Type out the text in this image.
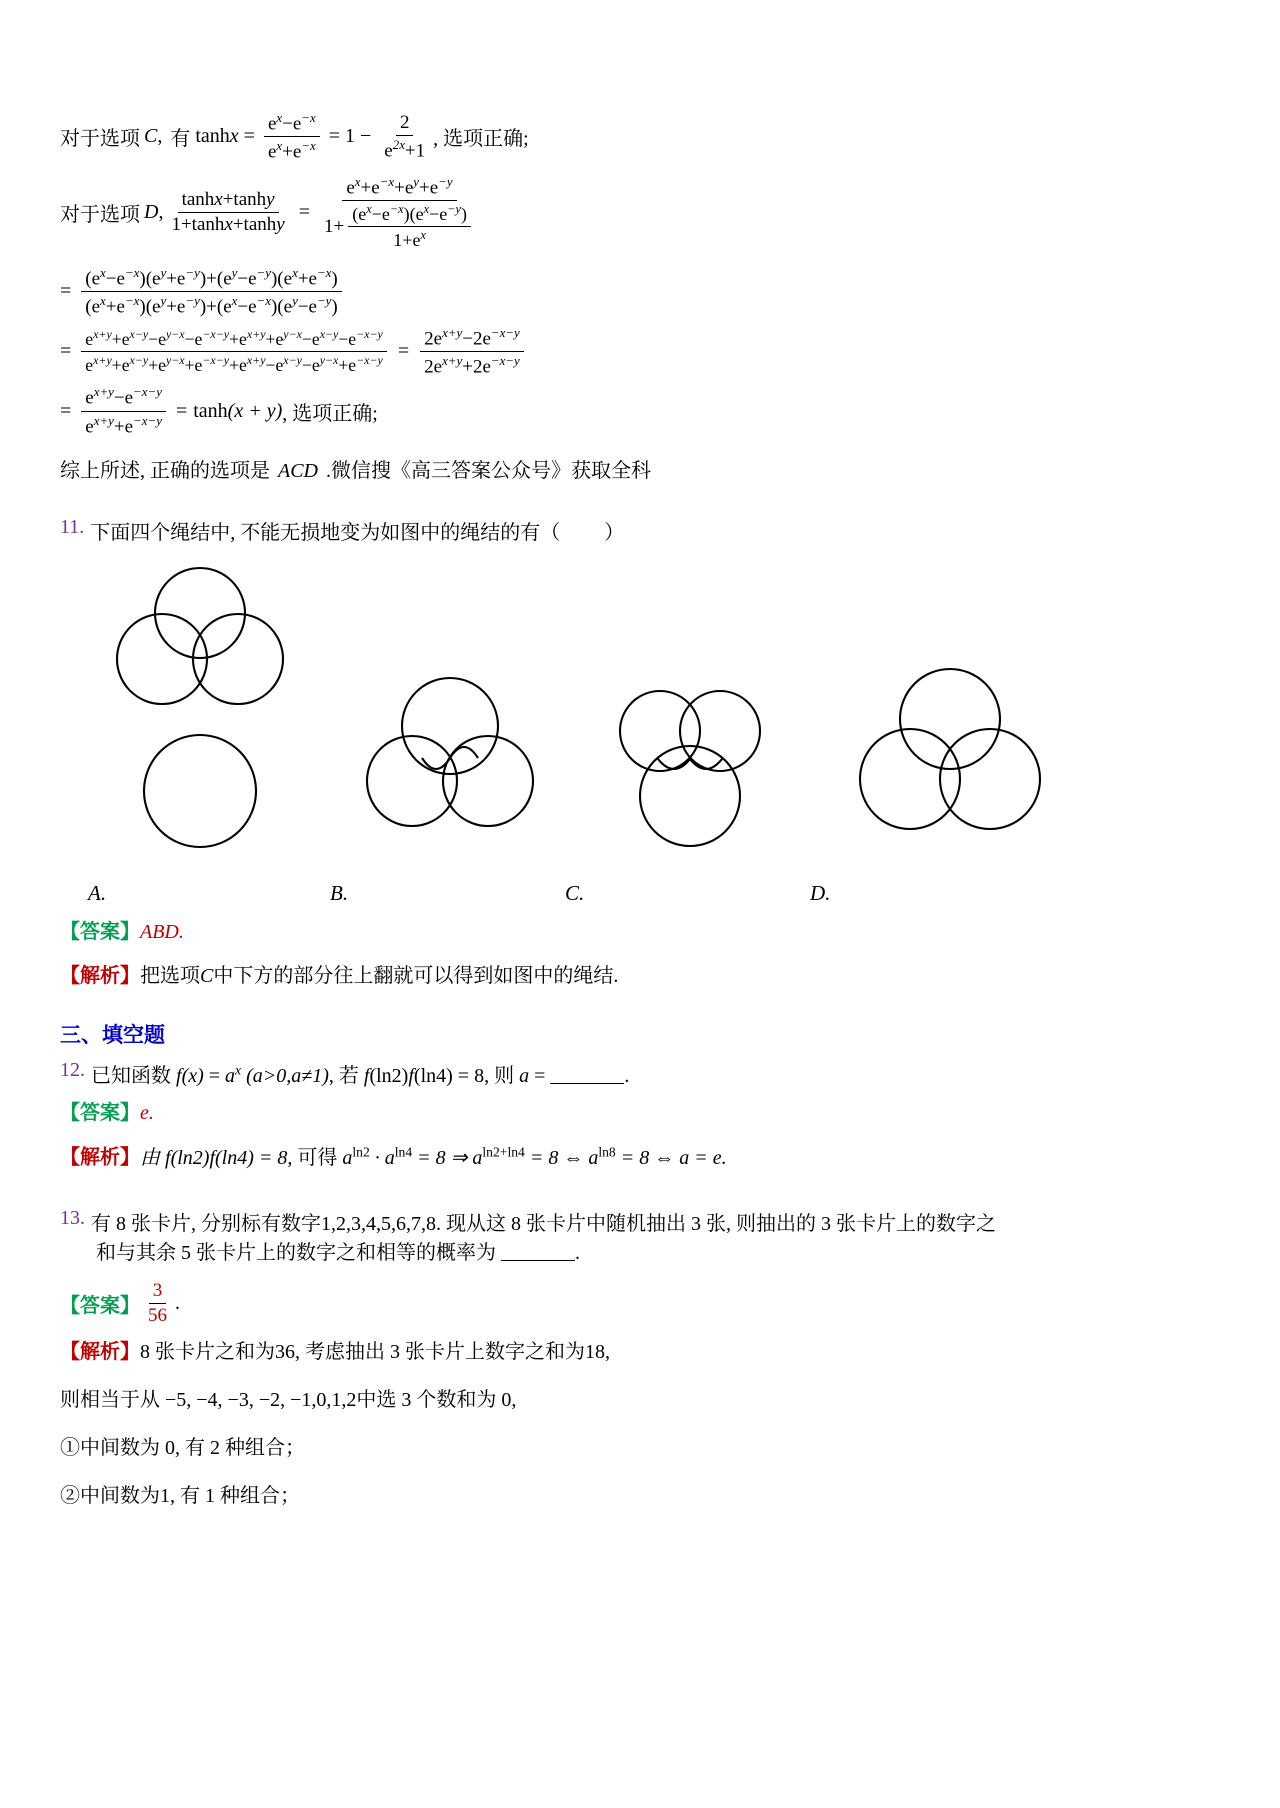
对于选项 C , 有 $\tanh x = \frac{e^x-e^{-x}}{e^x+e^{-x}} = 1 - \frac{2}{e^{2x}+1}$ , 选项正确;
对于选项 D , $\frac{\tanh x+\tanh y}{1+\tanh x+\tanh y} = \frac{e^x+e^{-x}+e^y+e^{-y}}{1+ \frac{(e^x-e^{-x})(e^x-e^{-y})}{1+e^x}}$
= $\frac{(e^x-e^{-x})(e^y+e^{-y})+(e^y-e^{-y})(e^x+e^{-x})}{(e^x+e^{-x})(e^y+e^{-y})+(e^x-e^{-x})(e^y-e^{-y})}$
= $\frac{e^{x+y}+e^{x-y}-e^{y-x}-e^{-x-y}+e^{x+y}+e^{y-x}-e^{x-y}-e^{-x-y}}{e^{x+y}+e^{x-y}+e^{y-x}+e^{-x-y}+e^{x+y}-e^{x-y}-e^{y-x}+e^{-x-y}} = \frac{2e^{x+y}-2e^{-x-y}}{2e^{x+y}+2e^{-x-y}}$
= $\frac{e^{x+y}-e^{-x-y}}{e^{x+y}+e^{-x-y}} = \tanh (x + y)$ , 选项正确;
综上所述, 正确的选项是 ACD .微信搜《高三答案公众号》获取全科
11. 下面四个绳结中, 不能无损地变为如图中的绳结的有（ ）
A.	B.	C.	D.
【答案】ABD.
【解析】把选项C中下方的部分往上翻就可以得到如图中的绳结.
三、填空题
12. 已知函数 $f(x) = a^x$ (a>0,a≠1), 若 f(ln2)f(ln4) = 8, 则 a =	.
【答案】e.
【解析】由 f(ln2)f(ln4) = 8, 可得 $a^{ln2} \cdot a^{ln4} = 8$ ⇒ $a^{ln2+ln4} = 8$ ⇔ $a^{ln8} = 8$ ⇔ a = e.
13. 有 8 张卡片, 分别标有数字1,2,3,4,5,6,7,8. 现从这 8 张卡片中随机抽出 3 张, 则抽出的 3 张卡片上的数字之
和与其余 5 张卡片上的数字之和相等的概率为	.
【答案】 $\frac{3}{56}$ .
【解析】8 张卡片之和为36, 考虑抽出 3 张卡片上数字之和为18,
则相当于从 −5, −4, −3, −2, −1,0,1,2中选 3 个数和为 0,
①中间数为 0, 有 2 种组合；
②中间数为1, 有 1 种组合；
